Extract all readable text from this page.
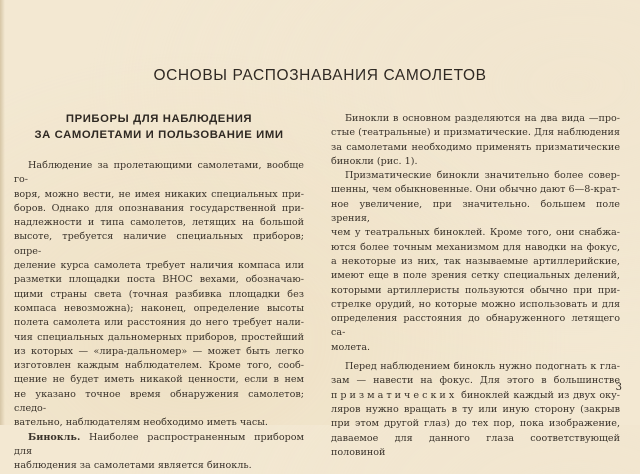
ОСНОВЫ РАСПОЗНАВАНИЯ САМОЛЕТОВ
ПРИБОРЫ ДЛЯ НАБЛЮДЕНИЯ
ЗА САМОЛЕТАМИ И ПОЛЬЗОВАНИЕ ИМИ
Наблюдение за пролетающими самолетами, вообще го-
воря, можно вести, не имея никаких специальных при-
боров. Однако для опознавания государственной при-
надлежности и типа самолетов, летящих на большой
высоте, требуется наличие специальных приборов; опре-
деление курса самолета требует наличия компаса или
разметки площадки поста ВНОС вехами, обозначаю-
щими страны света (точная разбивка площадки без
компаса невозможна); наконец, определение высоты
полета самолета или расстояния до него требует нали-
чия специальных дальномерных приборов, простейший
из которых — «лира-дальномер» — может быть легко
изготовлен каждым наблюдателем. Кроме того, сооб-
щение не будет иметь никакой ценности, если в нем
не указано точное время обнаружения самолетов; следо-
вательно, наблюдателям необходимо иметь часы.
Бинокль. Наиболее распространенным прибором для
наблюдения за самолетами является бинокль.
Бинокли в основном разделяются на два вида —про-
стые (театральные) и призматические. Для наблюдения
за самолетами необходимо применять призматические
бинокли (рис. 1).
Призматические бинокли значительно более совер-
шенны, чем обыкновенные. Они обычно дают 6—8-крат-
ное увеличение, при значительно. большем поле зрения,
чем у театральных биноклей. Кроме того, они снабжа-
ются более точным механизмом для наводки на фокус,
а некоторые из них, так называемые артиллерийские,
имеют еще в поле зрения сетку специальных делений,
которыми артиллеристы пользуются обычно при при-
стрелке орудий, но которые можно использовать и для
определения расстояния до обнаруженного летящего са-
молета.
Перед наблюдением бинокль нужно подогнать к гла-
зам — навести на фокус. Для этого в большинстве
призматических биноклей каждый из двух оку-
ляров нужно вращать в ту или иную сторону (закрыв
при этом другой глаз) до тех пор, пока изображение,
даваемое для данного глаза соответствующей половиной
3
